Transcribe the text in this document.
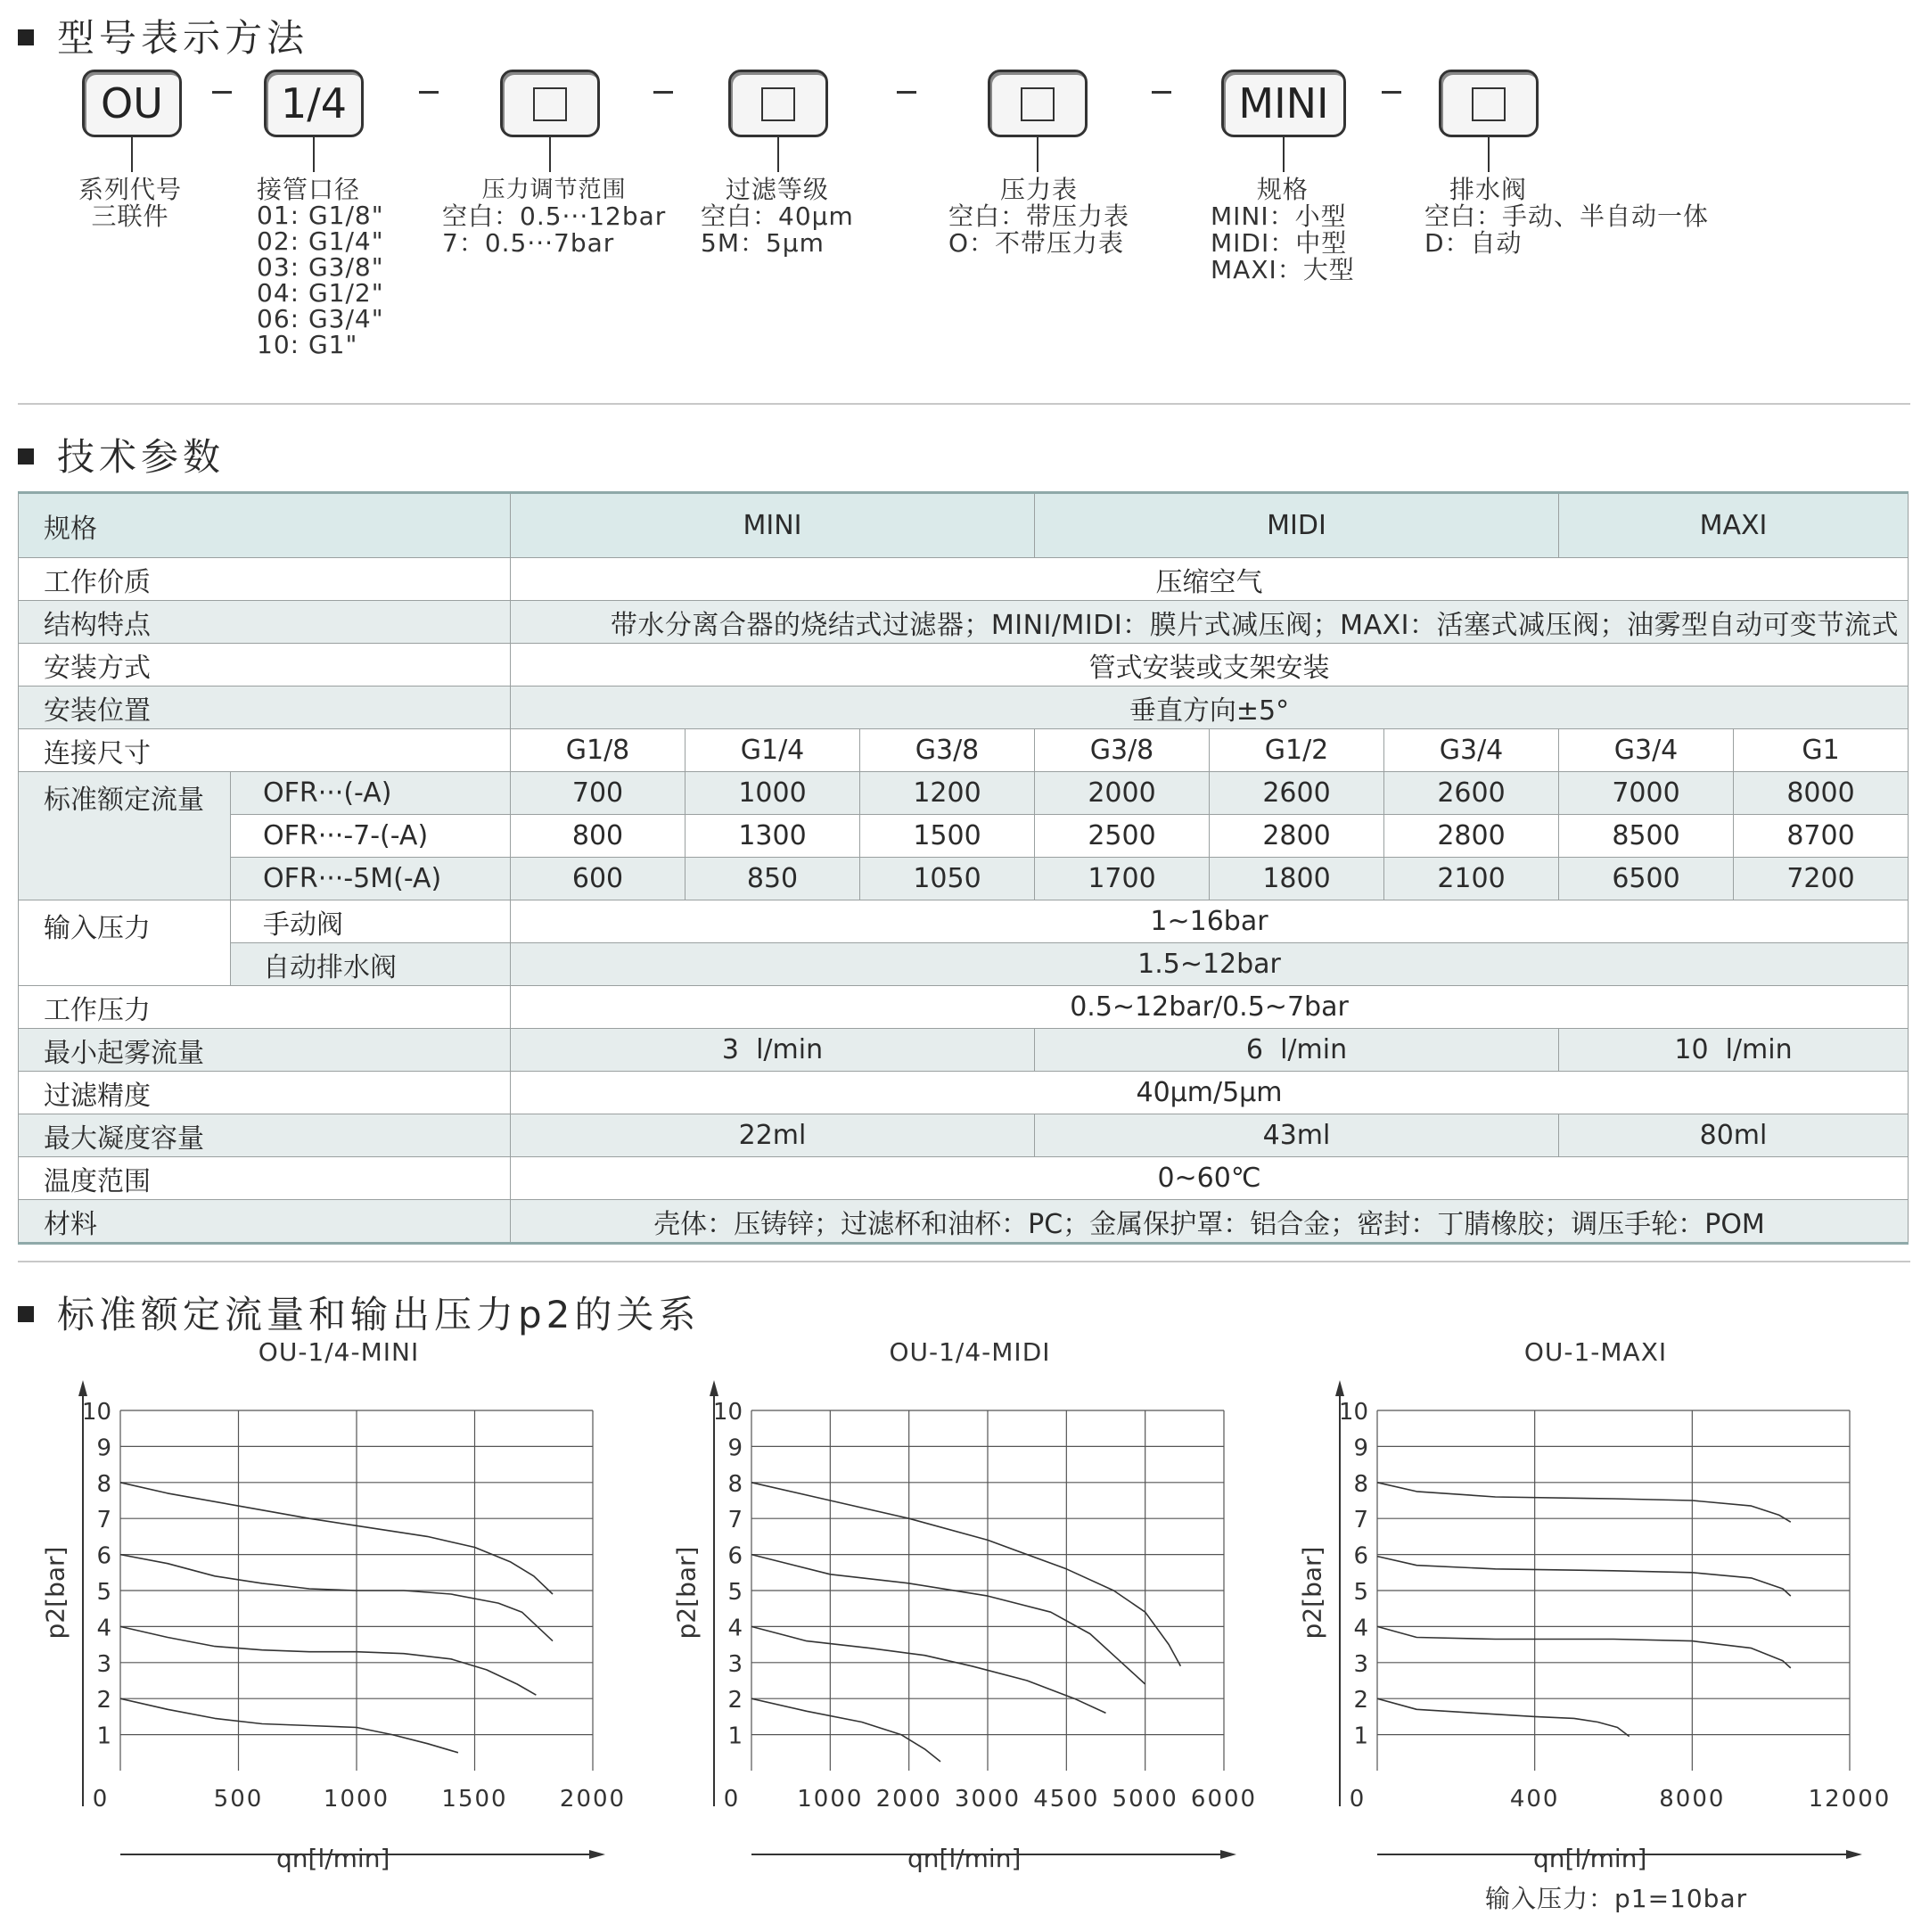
型号表示方法
OU	1/4	MINI
系列代号
三联件
接管口径
01: G1/8"
02: G1/4"
03: G3/8"
04: G1/2"
06: G3/4"
10: G1"
压力调节范围
空白：0.5···12bar
7：0.5···7bar
过滤等级
空白：40μm
5M：5μm
压力表
空白：带压力表
O：不带压力表
规格
MINI：小型
MIDI：中型
MAXI：大型
排水阀
空白：手动、半自动一体
D：自动
技术参数
规格		MINI			MIDI			MAXI	
工作价质		压缩空气							
结构特点		带水分离合器的烧结式过滤器；MINI/MIDI：膜片式减压阀；MAXI：活塞式减压阀；油雾型自动可变节流式							
安装方式		管式安装或支架安装							
安装位置		垂直方向±5°							
连接尺寸		G1/8	G1/4	G3/8	G3/8	G1/2	G3/4	G3/4	G1
标准额定流量	OFR···(-A)	700	1000	1200	2000	2600	2600	7000	8000
	OFR···-7-(-A)	800	1300	1500	2500	2800	2800	8500	8700
	OFR···-5M(-A)	600	850	1050	1700	1800	2100	6500	7200
输入压力	手动阀	1~16bar							
	自动排水阀	1.5~12bar							
工作压力		0.5~12bar/0.5~7bar							
最小起雾流量		3  l/min			6  l/min			10  l/min	
过滤精度		40μm/5μm							
最大凝度容量		22ml			43ml			80ml	
温度范围		0~60℃							
材料		壳体：压铸锌；过滤杯和油杯：PC；金属保护罩：铝合金；密封：丁腈橡胶；调压手轮：POM							
标准额定流量和输出压力p2的关系
OU-1/4-MINI
p2[bar]
qn[l/min]
1
2
3
4
5
6
7
8
9
10
0	500	1000 1500 2000
OU-1/4-MIDI
p2[bar]
qn[l/min]
1
2
3
4
5
6
7
8
9
10
0 1000 2000 3000 4500 5000 6000
OU-1-MAXI
p2[bar]
qn[l/min]
1
2
3
4
5
6
7
8
9
10
0	400	8000	12000
输入压力：p1=10bar
